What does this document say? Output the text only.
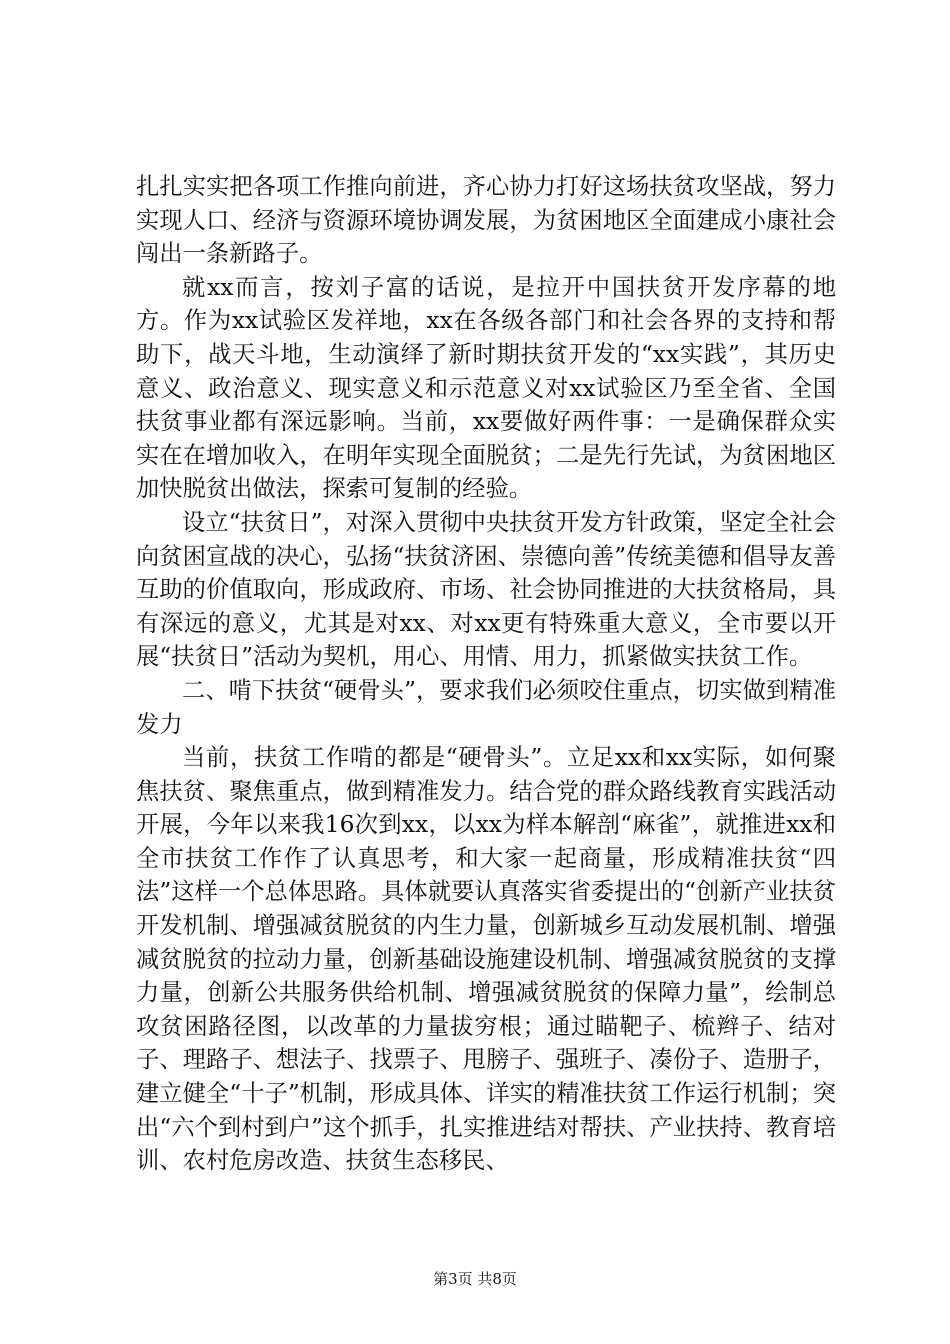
扎扎实实把各项工作推向前进，齐心协力打好这场扶贫攻坚战，努力实现人口、经济与资源环境协调发展，为贫困地区全面建成小康社会闯出一条新路子。

就xx而言，按刘子富的话说，是拉开中国扶贫开发序幕的地方。作为xx试验区发祥地，xx在各级各部门和社会各界的支持和帮助下，战天斗地，生动演绎了新时期扶贫开发的“xx实践”，其历史意义、政治意义、现实意义和示范意义对xx试验区乃至全省、全国扶贫事业都有深远影响。当前，xx要做好两件事：一是确保群众实实在在增加收入，在明年实现全面脱贫；二是先行先试，为贫困地区加快脱贫出做法，探索可复制的经验。

设立“扶贫日”，对深入贯彻中央扶贫开发方针政策，坚定全社会向贫困宣战的决心，弘扬“扶贫济困、崇德向善”传统美德和倡导友善互助的价值取向，形成政府、市场、社会协同推进的大扶贫格局，具有深远的意义，尤其是对xx、对xx更有特殊重大意义，全市要以开展“扶贫日”活动为契机，用心、用情、用力，抓紧做实扶贫工作。

二、啃下扶贫“硬骨头”，要求我们必须咬住重点，切实做到精准发力

当前，扶贫工作啃的都是“硬骨头”。立足xx和xx实际，如何聚焦扶贫、聚焦重点，做到精准发力。结合党的群众路线教育实践活动开展，今年以来我16次到xx，以xx为样本解剖“麻雀”，就推进xx和全市扶贫工作作了认真思考，和大家一起商量，形成精准扶贫“四法”这样一个总体思路。具体就要认真落实省委提出的“创新产业扶贫开发机制、增强减贫脱贫的内生力量，创新城乡互动发展机制、增强减贫脱贫的拉动力量，创新基础设施建设机制、增强减贫脱贫的支撑力量，创新公共服务供给机制、增强减贫脱贫的保障力量”，绘制总攻贫困路径图，以改革的力量拔穷根；通过瞄靶子、梳辫子、结对子、理路子、想法子、找票子、甩膀子、强班子、凑份子、造册子，建立健全“十子”机制，形成具体、详实的精准扶贫工作运行机制；突出“六个到村到户”这个抓手，扎实推进结对帮扶、产业扶持、教育培训、农村危房改造、扶贫生态移民、

第3页 共8页
